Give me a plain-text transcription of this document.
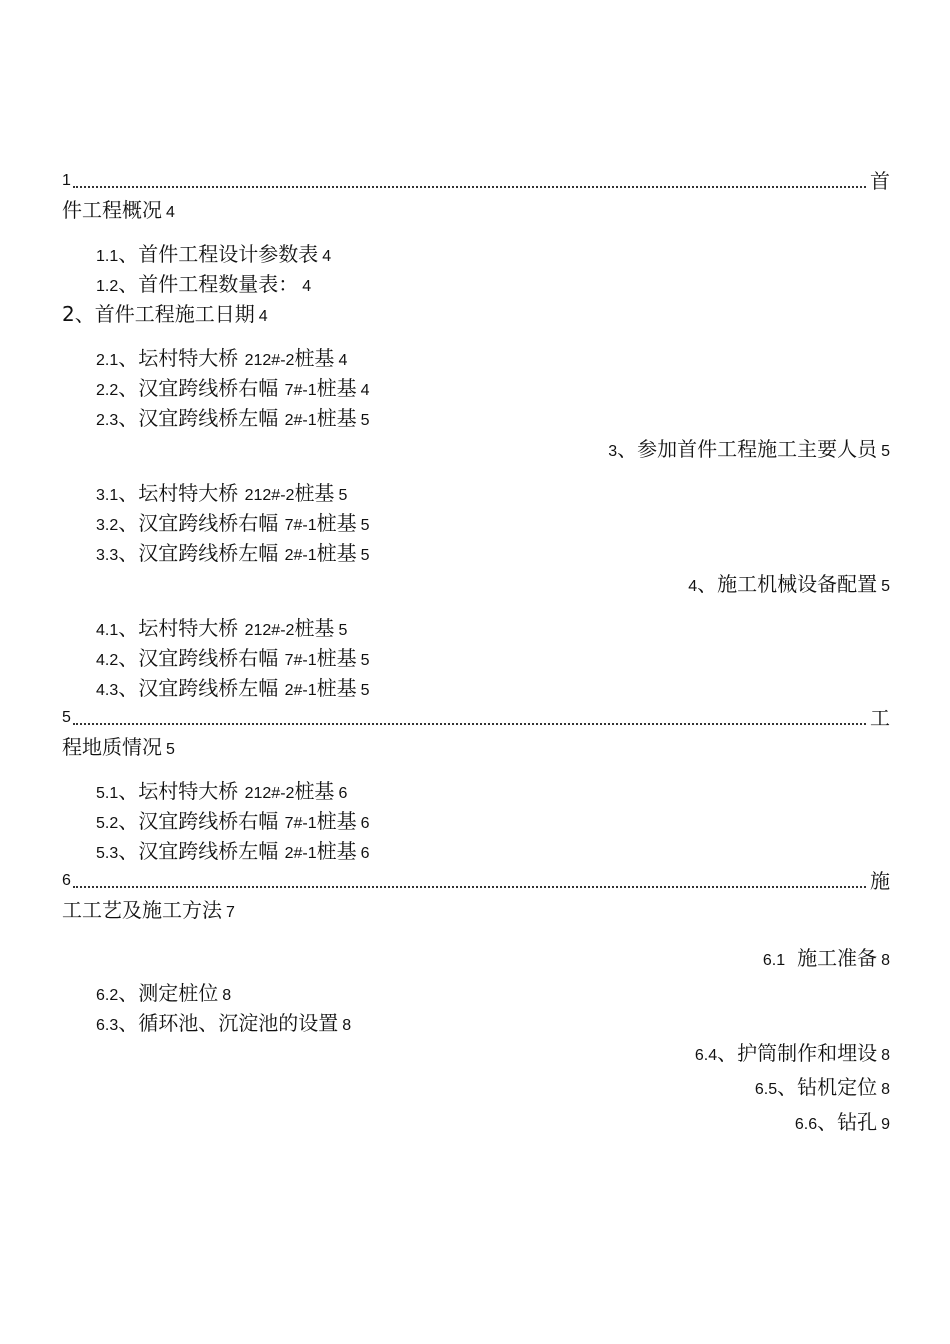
1	首
件工程概况 4
1.1、首件工程设计参数表 4
1.2、首件工程数量表： 4
2、首件工程施工日期 4
2.1、坛村特大桥 212#-2桩基 4
2.2、汉宜跨线桥右幅 7#-1桩基 4
2.3、汉宜跨线桥左幅 2#-1桩基 5
3、参加首件工程施工主要人员 5
3.1、坛村特大桥 212#-2桩基 5
3.2、汉宜跨线桥右幅 7#-1桩基 5
3.3、汉宜跨线桥左幅 2#-1桩基 5
4、施工机械设备配置 5
4.1、坛村特大桥 212#-2桩基 5
4.2、汉宜跨线桥右幅 7#-1桩基 5
4.3、汉宜跨线桥左幅 2#-1桩基 5
5	工
程地质情况 5
5.1、坛村特大桥 212#-2桩基 6
5.2、汉宜跨线桥右幅 7#-1桩基 6
5.3、汉宜跨线桥左幅 2#-1桩基 6
6	施
工工艺及施工方法 7
6.1 施工准备 8
6.2、测定桩位 8
6.3、循环池、沉淀池的设置 8
6.4、护筒制作和埋设 8
6.5、钻机定位 8
6.6、钻孔 9
